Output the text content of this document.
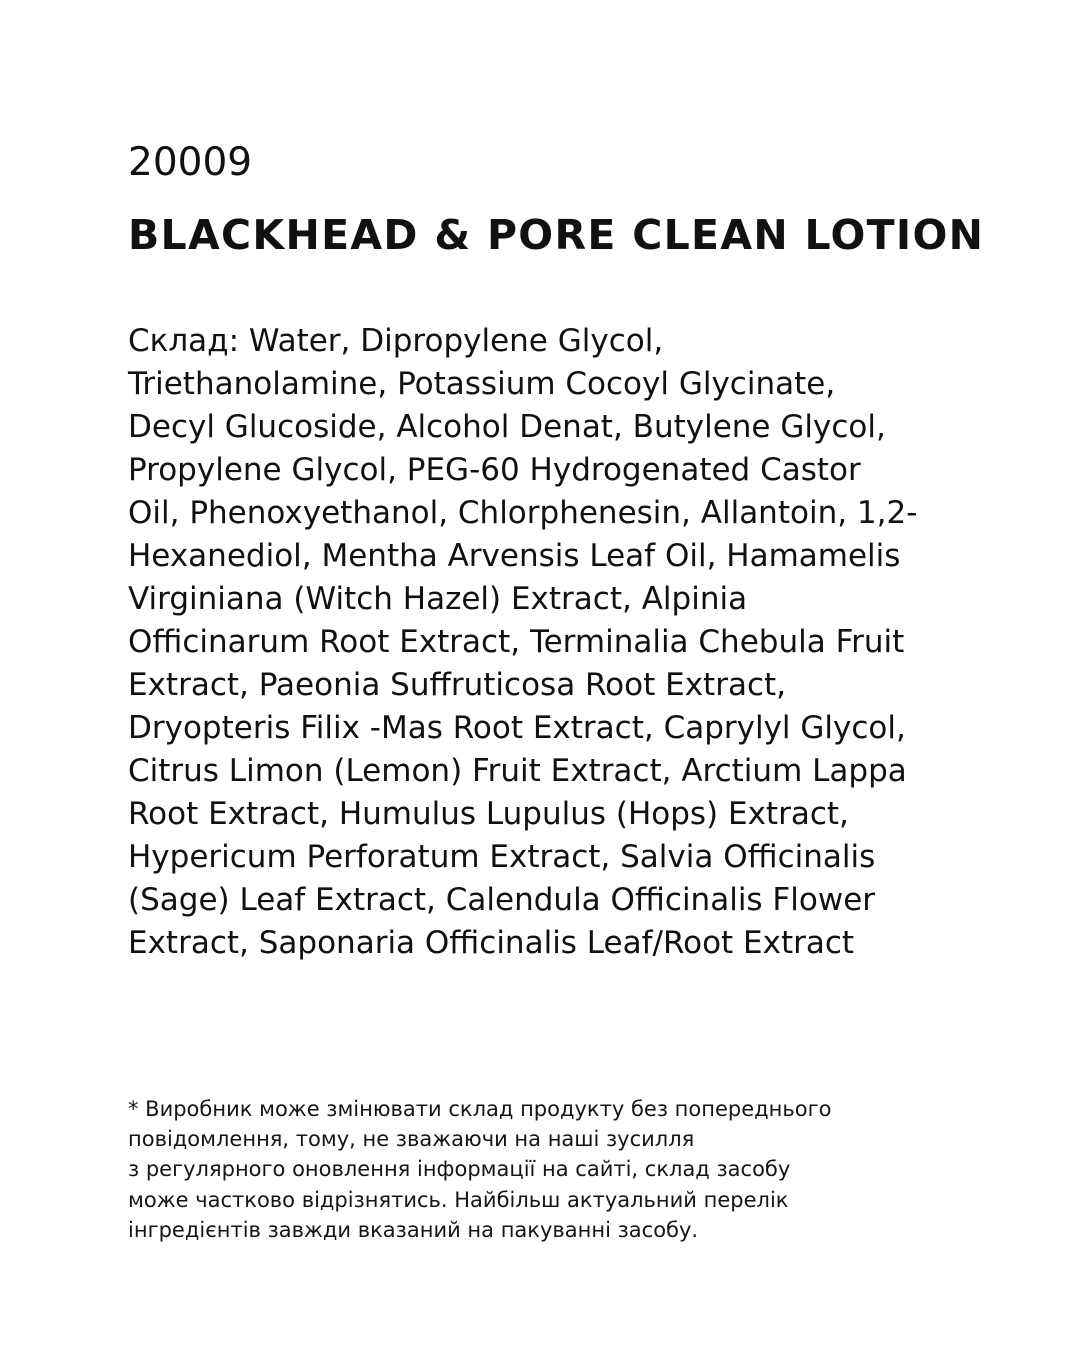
20009
BLACKHEAD & PORE CLEAN LOTION

Склад: Water, Dipropylene Glycol,
Triethanolamine, Potassium Cocoyl Glycinate,
Decyl Glucoside, Alcohol Denat, Butylene Glycol,
Propylene Glycol, PEG-60 Hydrogenated Castor
Oil, Phenoxyethanol, Chlorphenesin, Allantoin, 1,2-
Hexanediol, Mentha Arvensis Leaf Oil, Hamamelis
Virginiana (Witch Hazel) Extract, Alpinia
Officinarum Root Extract, Terminalia Chebula Fruit
Extract, Paeonia Suffruticosa Root Extract,
Dryopteris Filix -Mas Root Extract, Caprylyl Glycol,
Citrus Limon (Lemon) Fruit Extract, Arctium Lappa
Root Extract, Humulus Lupulus (Hops) Extract,
Hypericum Perforatum Extract, Salvia Officinalis
(Sage) Leaf Extract, Calendula Officinalis Flower
Extract, Saponaria Officinalis Leaf/Root Extract

* Виробник може змінювати склад продукту без попереднього
повідомлення, тому, не зважаючи на наші зусилля
з регулярного оновлення інформації на сайті, склад засобу
може частково відрізнятись. Найбільш актуальний перелік
інгредієнтів завжди вказаний на пакуванні засобу.
